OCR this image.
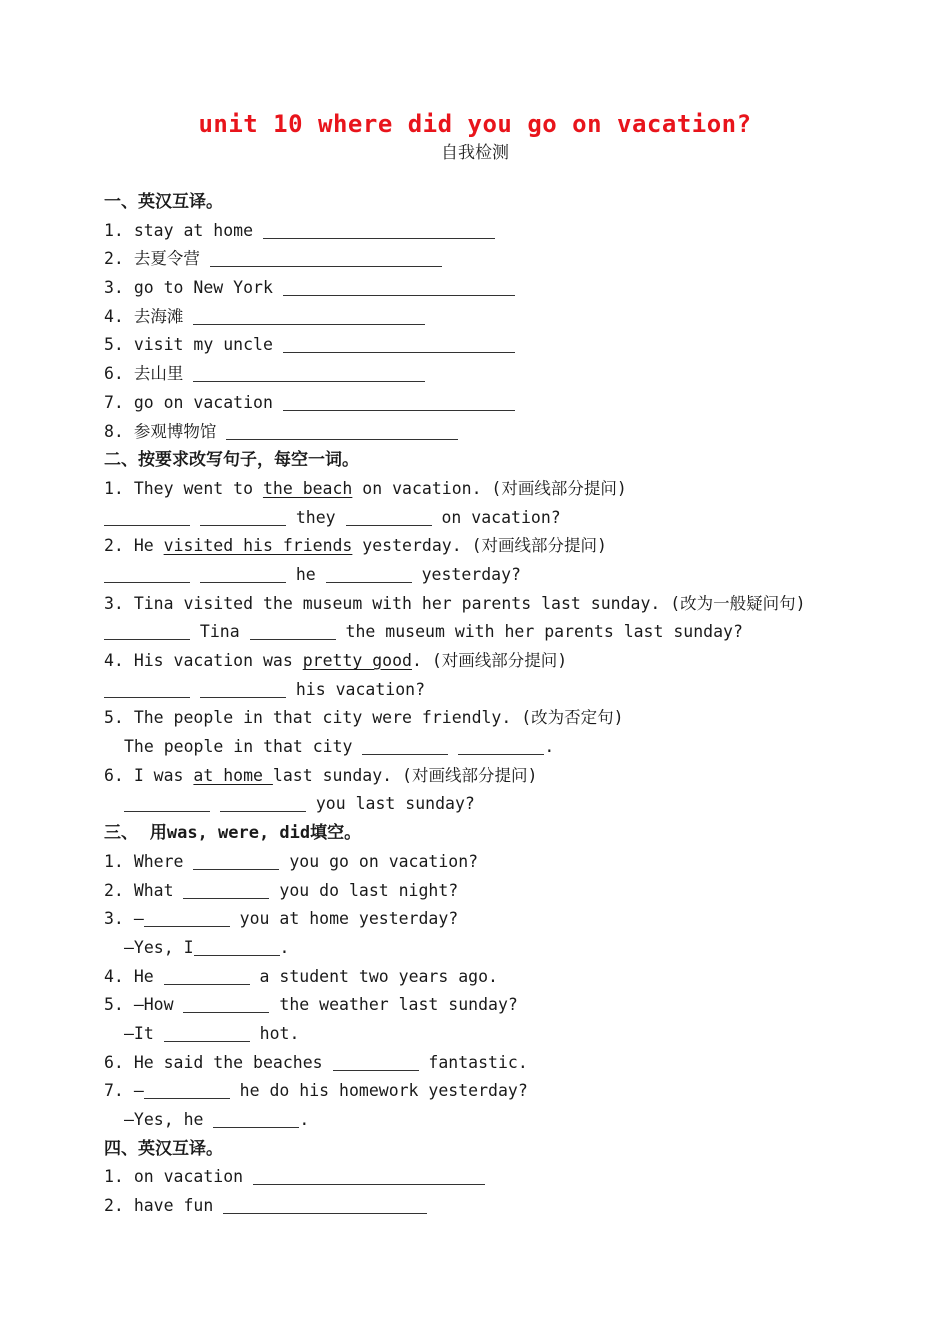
unit 10 where did you go on vacation?
自我检测
一、英汉互译。
1. stay at home
2. 去夏令营
3. go to New York
4. 去海滩
5. visit my uncle
6. 去山里
7. go on vacation
8. 参观博物馆
二、按要求改写句子，每空一词。
1. They went to the beach on vacation. (对画线部分提问)
they	on vacation?
2. He visited his friends yesterday. (对画线部分提问)
he	yesterday?
3. Tina visited the museum with her parents last sunday. (改为一般疑问句)
Tina	the museum with her parents last sunday?
4. His vacation was pretty good. (对画线部分提问)
his vacation?
5. The people in that city were friendly. (改为否定句)
The people in that city	.
6. I was at home last sunday. (对画线部分提问)
you last sunday?
三、  用was, were, did填空。
1. Where	you go on vacation?
2. What	you do last night?
3. —	you at home yesterday?
—Yes, I	.
4. He	a student two years ago.
5. —How	the weather last sunday?
—It	hot.
6. He said the beaches	fantastic.
7. —	he do his homework yesterday?
—Yes, he	.
四、英汉互译。
1. on vacation
2. have fun
